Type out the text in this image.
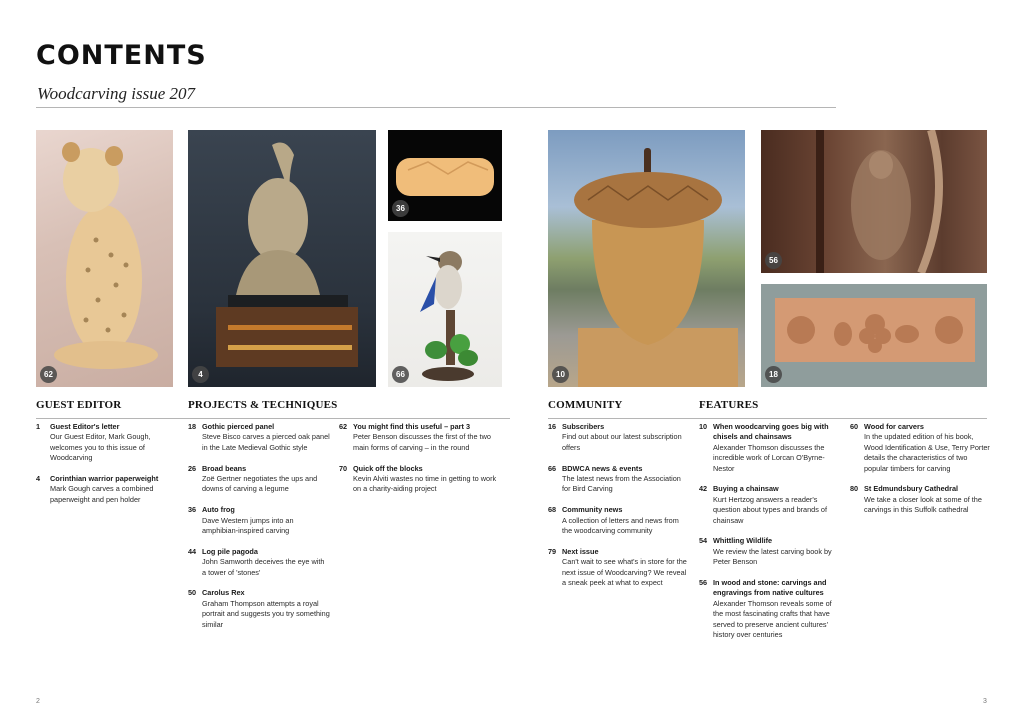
CONTENTS
Woodcarving issue 207
62	4
36
66	10
56
18
GUEST EDITOR	PROJECTS & TECHNIQUES	COMMUNITY	FEATURES
1	Guest Editor's letter
Our Guest Editor, Mark Gough, welcomes you to this issue of Woodcarving
4	Corinthian warrior paperweight
Mark Gough carves a combined paperweight and pen holder
18 Gothic pierced panel
Steve Bisco carves a pierced oak panel in the Late Medieval Gothic style
26 Broad beans
Zoë Gertner negotiates the ups and downs of carving a legume
36 Auto frog
Dave Western jumps into an amphibian-inspired carving
44 Log pile pagoda
John Samworth deceives the eye with a tower of 'stones'
50 Carolus Rex
Graham Thompson attempts a royal portrait and suggests you try something similar
62 You might find this useful – part 3
Peter Benson discusses the first of the two main forms of carving – in the round
70 Quick off the blocks
Kevin Alviti wastes no time in getting to work on a charity-aiding project
16 Subscribers
Find out about our latest subscription offers
66 BDWCA news & events
The latest news from the Association for Bird Carving
68 Community news
A collection of letters and news from the woodcarving community
79 Next issue
Can't wait to see what's in store for the next issue of Woodcarving? We reveal a sneak peek at what to expect
10 When woodcarving goes big with chisels and chainsaws
Alexander Thomson discusses the incredible work of Lorcan O'Byrne-Nestor
42 Buying a chainsaw
Kurt Hertzog answers a reader's question about types and brands of chainsaw
54 Whittling Wildlife
We review the latest carving book by Peter Benson
56 In wood and stone: carvings and engravings from native cultures
Alexander Thomson reveals some of the most fascinating crafts that have served to preserve ancient cultures' history over centuries
60 Wood for carvers
In the updated edition of his book, Wood Identification & Use, Terry Porter details the characteristics of two popular timbers for carving
80 St Edmundsbury Cathedral
We take a closer look at some of the carvings in this Suffolk cathedral
2	3
